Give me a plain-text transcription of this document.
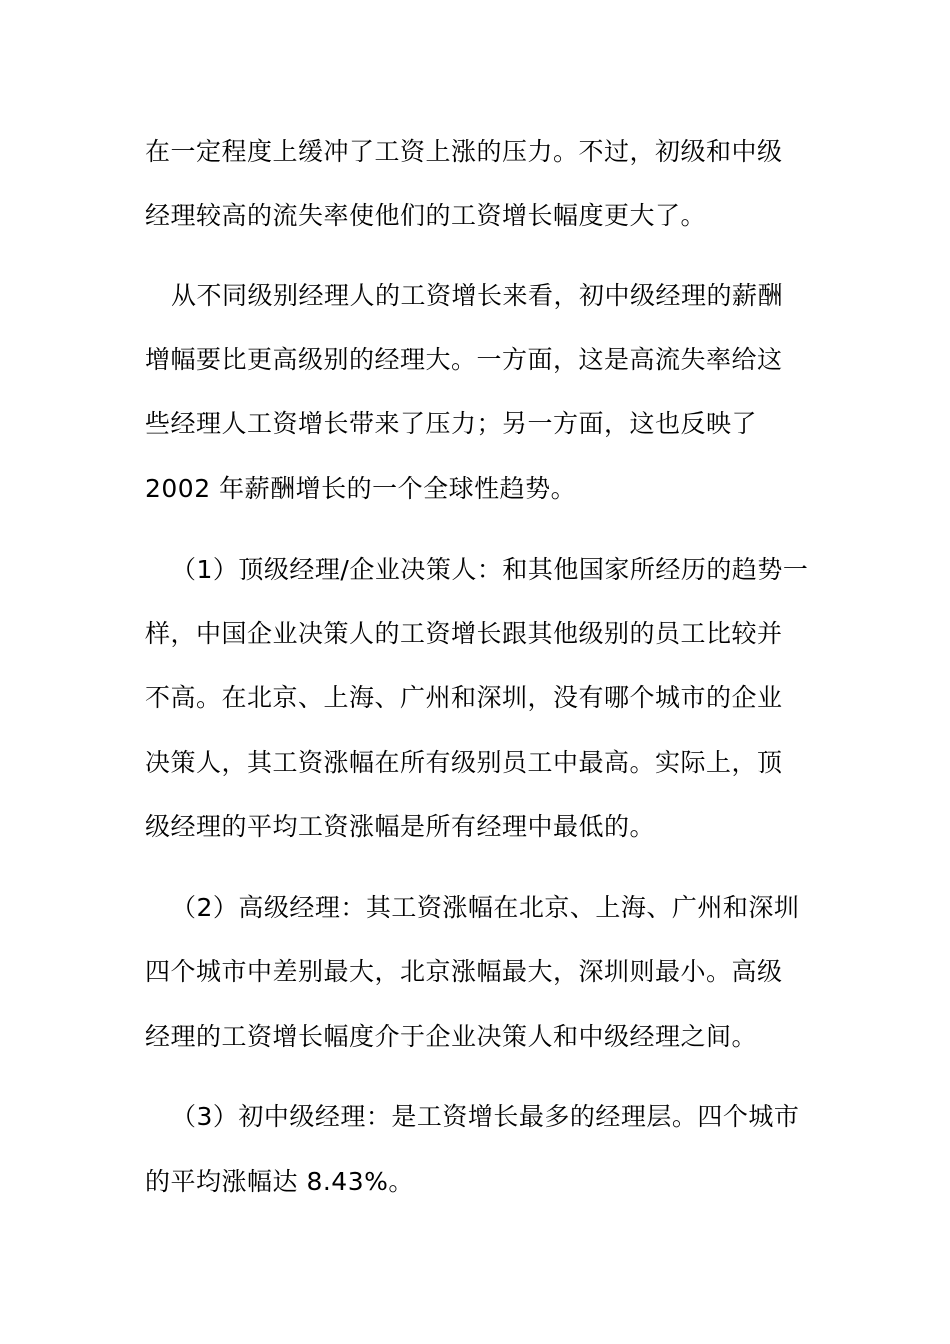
在一定程度上缓冲了工资上涨的压力。不过，初级和中级
经理较高的流失率使他们的工资增长幅度更大了。
从不同级别经理人的工资增长来看，初中级经理的薪酬
增幅要比更高级别的经理大。一方面，这是高流失率给这
些经理人工资增长带来了压力；另一方面，这也反映了
2002 年薪酬增长的一个全球性趋势。
（1）顶级经理/企业决策人：和其他国家所经历的趋势一
样，中国企业决策人的工资增长跟其他级别的员工比较并
不高。在北京、上海、广州和深圳，没有哪个城市的企业
决策人，其工资涨幅在所有级别员工中最高。实际上，顶
级经理的平均工资涨幅是所有经理中最低的。
（2）高级经理：其工资涨幅在北京、上海、广州和深圳
四个城市中差别最大，北京涨幅最大，深圳则最小。高级
经理的工资增长幅度介于企业决策人和中级经理之间。
（3）初中级经理：是工资增长最多的经理层。四个城市
的平均涨幅达 8.43%。
